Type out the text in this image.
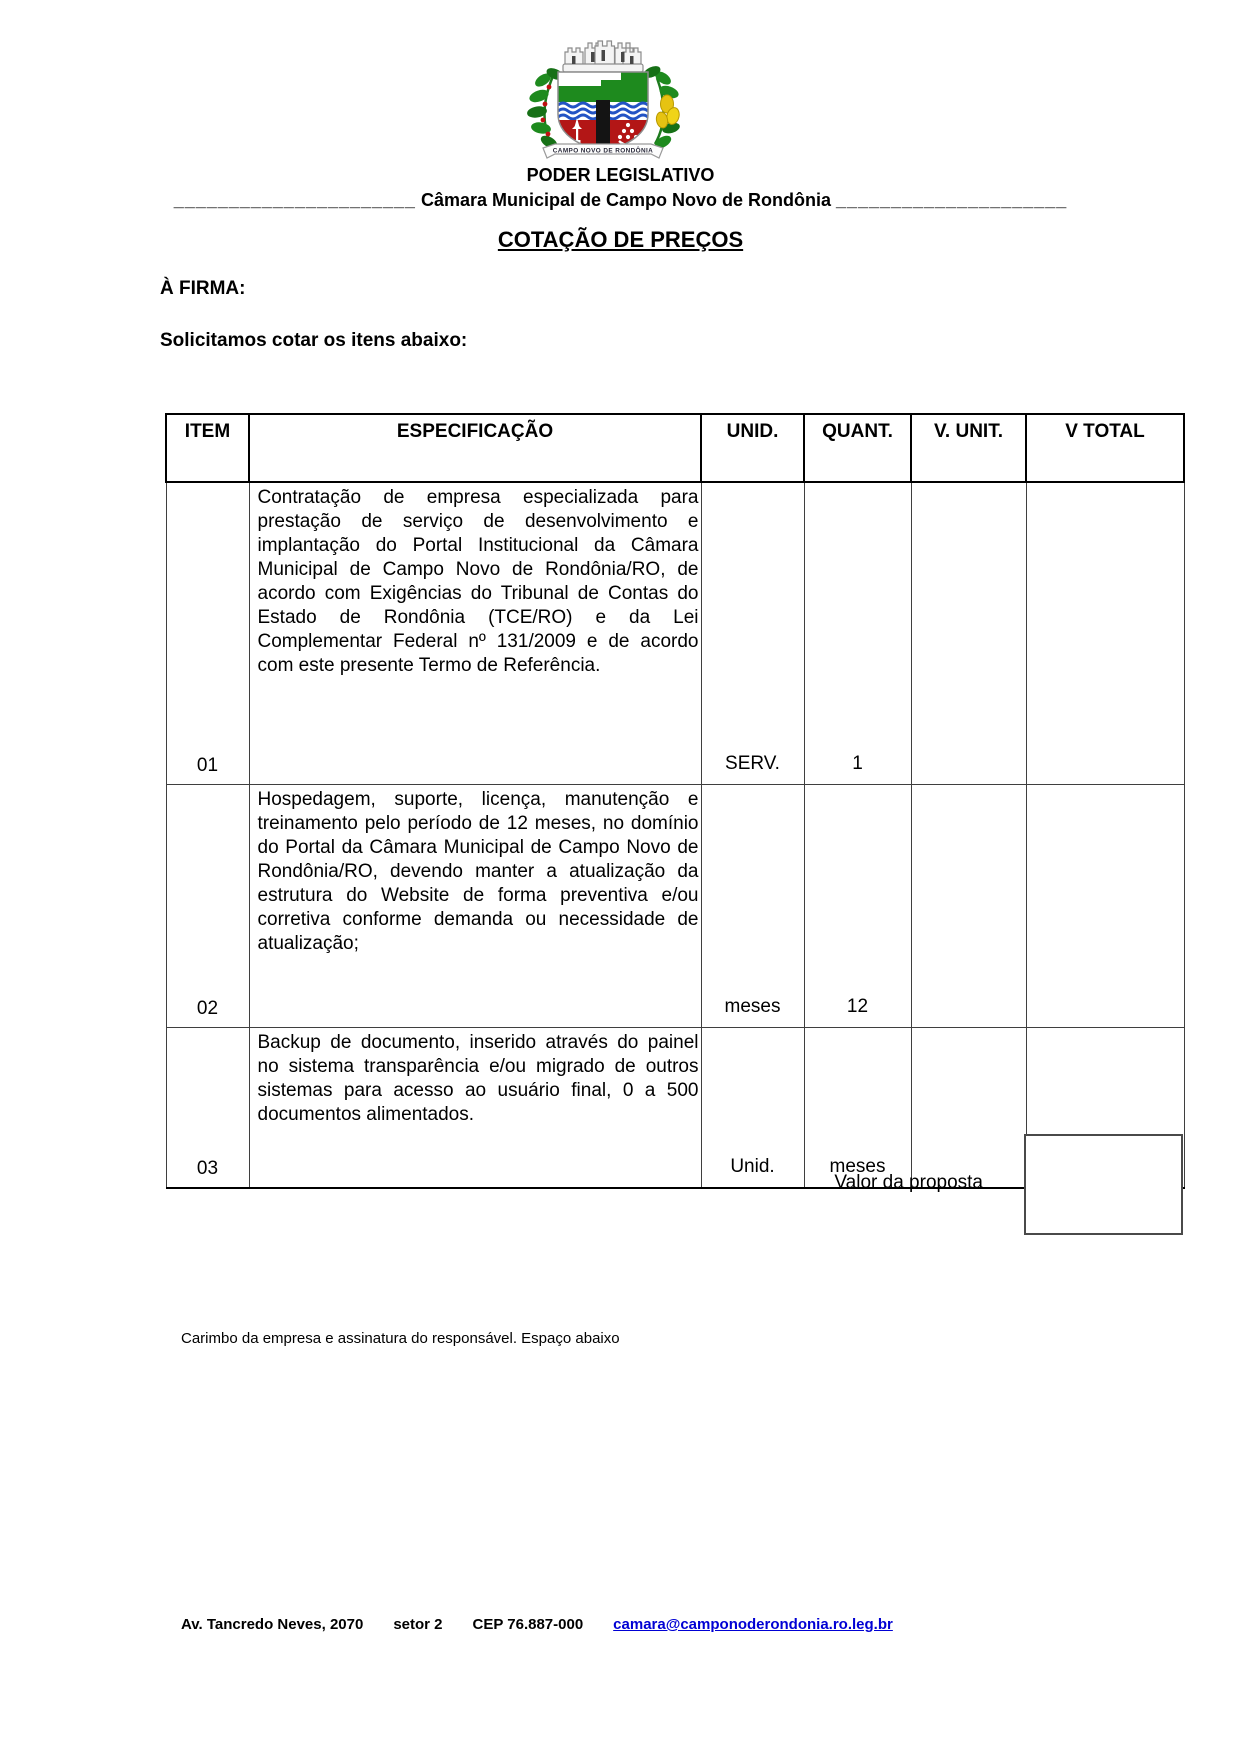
CAMPO NOVO DE RONDÔNIA
PODER LEGISLATIVO
______________________ Câmara Municipal de Campo Novo de Rondônia _____________________
COTAÇÃO DE PREÇOS
À FIRMA:
Solicitamos cotar os itens abaixo:
ITEM	ESPECIFICAÇÃO	UNID.	QUANT.	V. UNIT.	V TOTAL
01	Contratação de empresa especializada para prestação de serviço de desenvolvimento e implantação do Portal Institucional da Câmara Municipal de Campo Novo de Rondônia/RO, de acordo com Exigências do Tribunal de Contas do Estado de Rondônia (TCE/RO) e da Lei Complementar Federal nº 131/2009 e de acordo com este presente Termo de Referência.	SERV.	1		
02	Hospedagem, suporte, licença, manutenção e treinamento pelo período de 12 meses, no domínio do Portal da Câmara Municipal de Campo Novo de Rondônia/RO, devendo manter a atualização da estrutura do Website de forma preventiva e/ou corretiva conforme demanda ou necessidade de atualização;	meses	12		
03	Backup de documento, inserido através do painel no sistema transparência e/ou migrado de outros sistemas para acesso ao usuário final, 0 a 500 documentos alimentados.	Unid.	meses		
Valor da proposta
Carimbo da empresa e assinatura do responsável. Espaço abaixo
Av. Tancredo Neves, 2070 setor 2 CEP 76.887-000 camara@camponoderondonia.ro.leg.br
